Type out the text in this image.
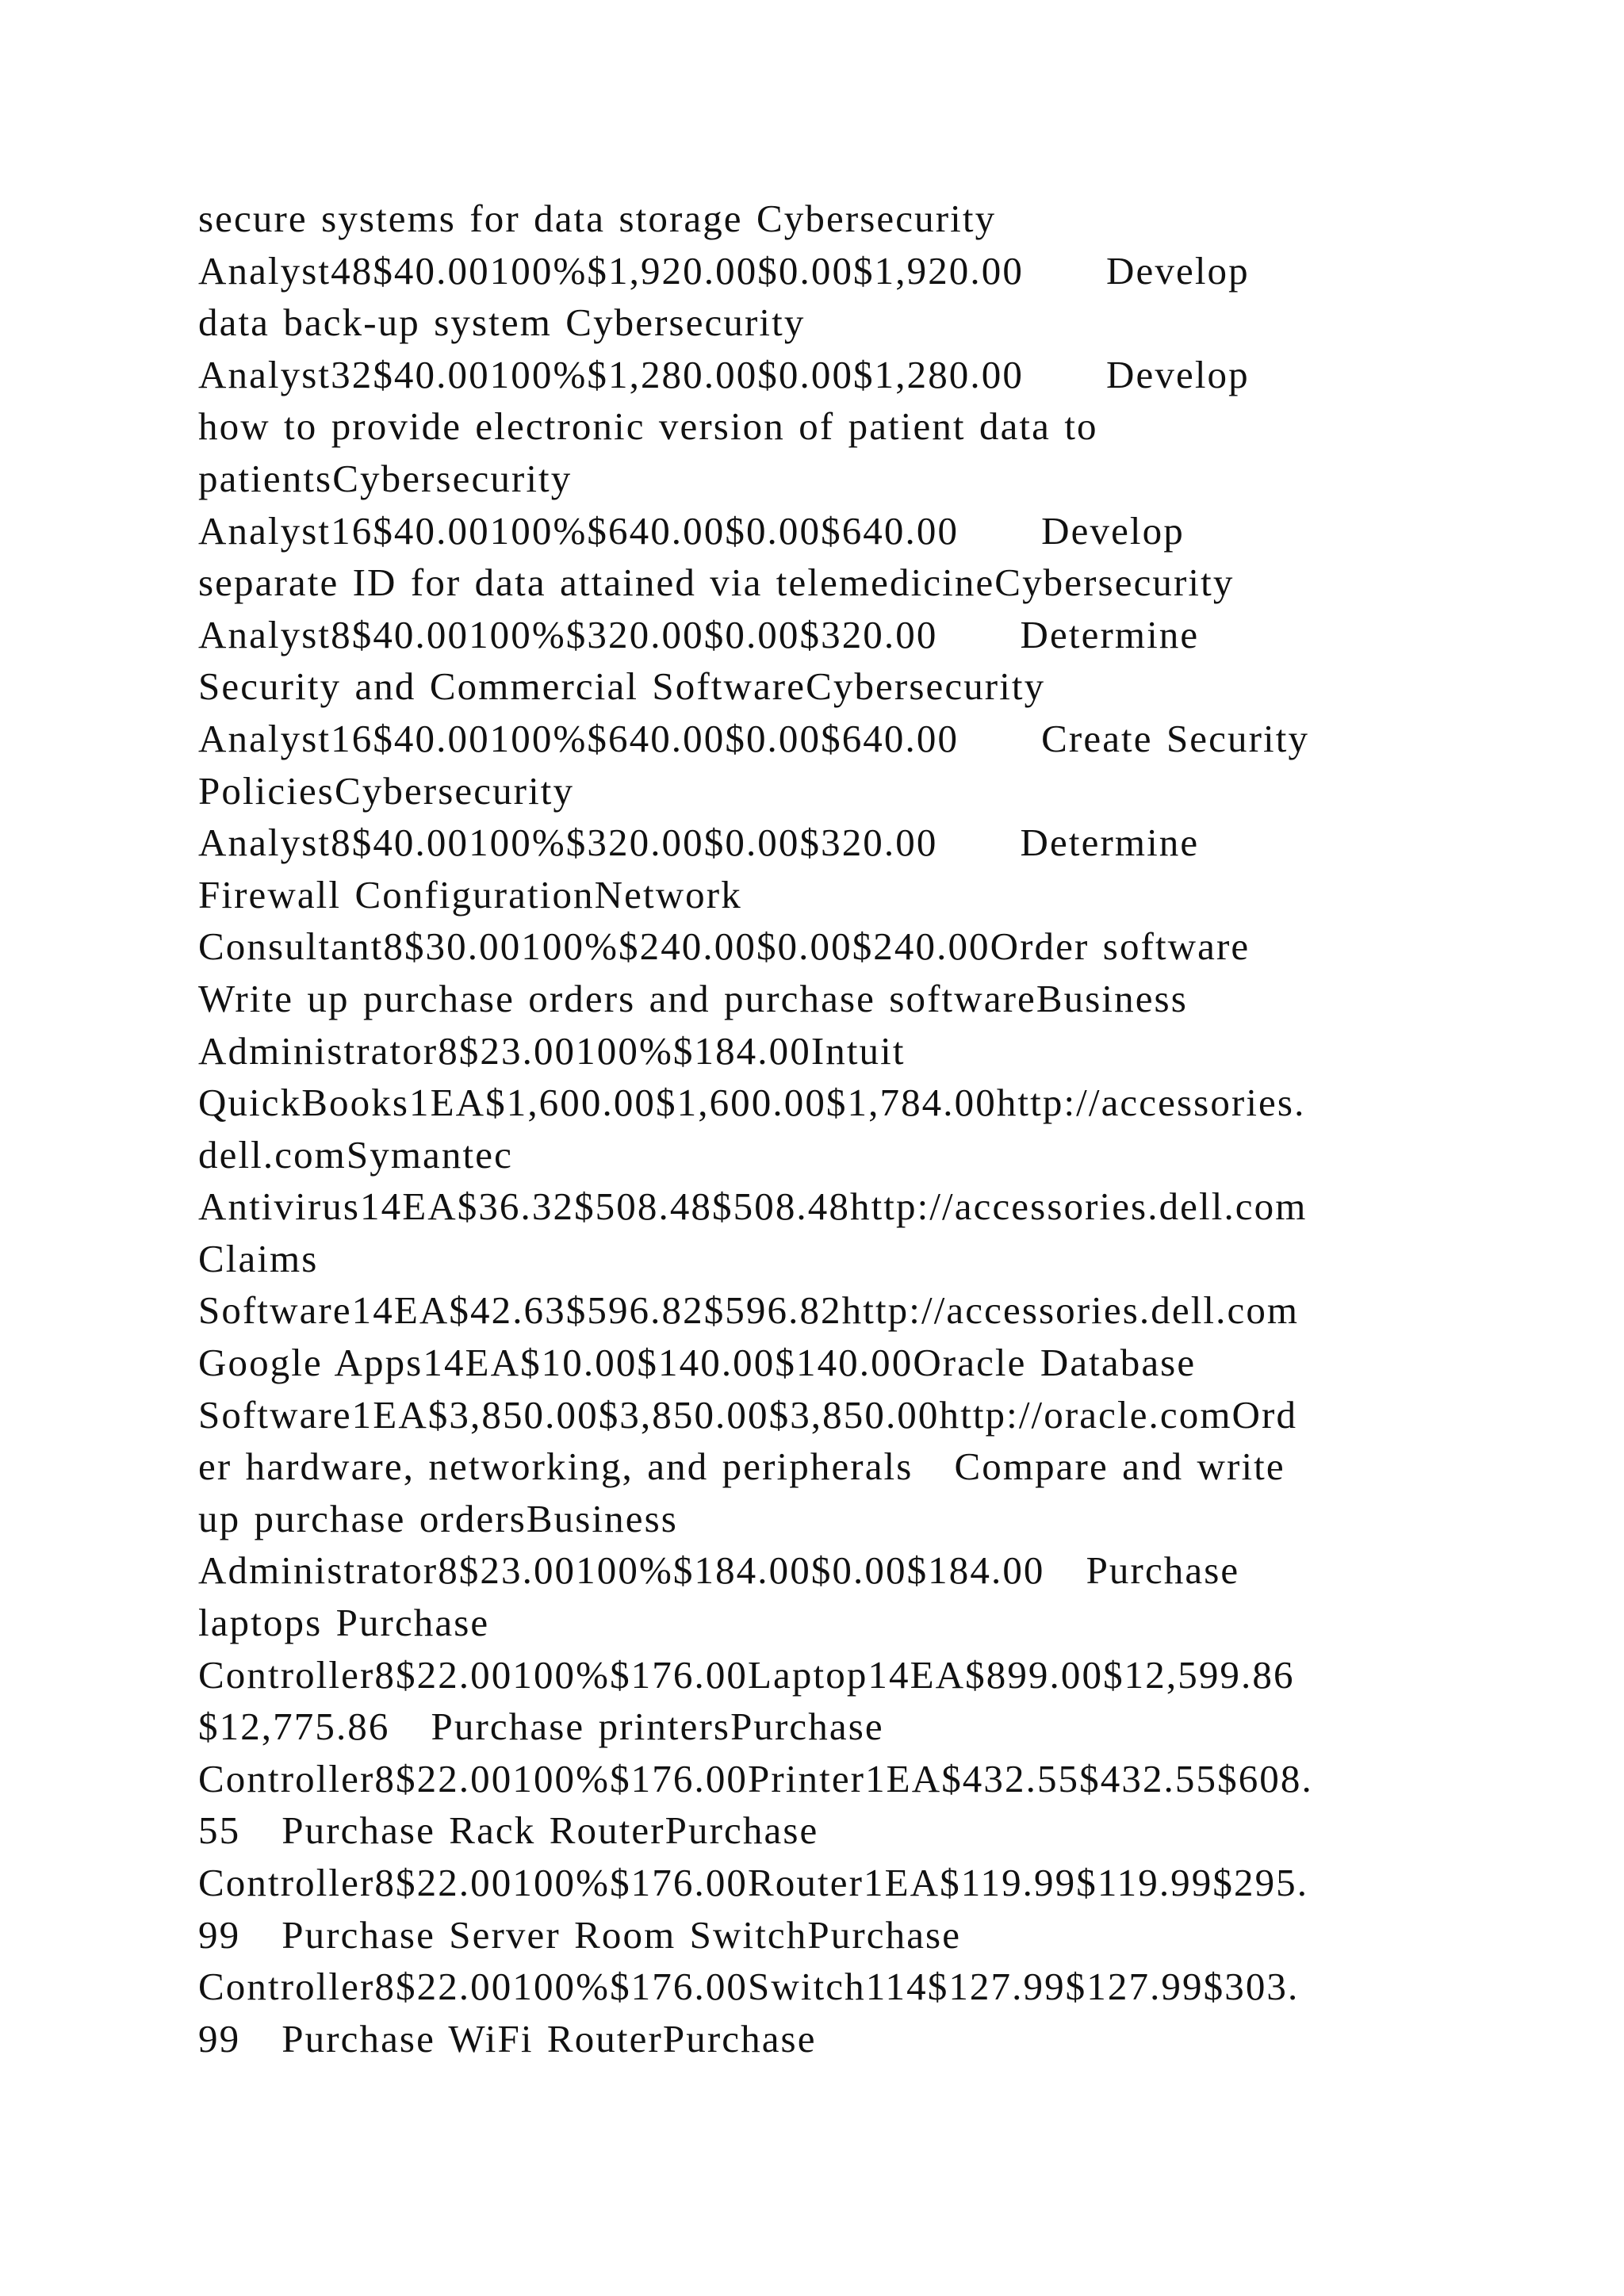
secure systems for data storage Cybersecurity
Analyst48$40.00100%$1,920.00$0.00$1,920.00      Develop
data back-up system Cybersecurity
Analyst32$40.00100%$1,280.00$0.00$1,280.00      Develop
how to provide electronic version of patient data to
patientsCybersecurity
Analyst16$40.00100%$640.00$0.00$640.00      Develop
separate ID for data attained via telemedicineCybersecurity
Analyst8$40.00100%$320.00$0.00$320.00      Determine
Security and Commercial SoftwareCybersecurity
Analyst16$40.00100%$640.00$0.00$640.00      Create Security
PoliciesCybersecurity
Analyst8$40.00100%$320.00$0.00$320.00      Determine
Firewall ConfigurationNetwork
Consultant8$30.00100%$240.00$0.00$240.00Order software
Write up purchase orders and purchase softwareBusiness
Administrator8$23.00100%$184.00Intuit
QuickBooks1EA$1,600.00$1,600.00$1,784.00http://accessories.
dell.comSymantec
Antivirus14EA$36.32$508.48$508.48http://accessories.dell.com
Claims
Software14EA$42.63$596.82$596.82http://accessories.dell.com
Google Apps14EA$10.00$140.00$140.00Oracle Database
Software1EA$3,850.00$3,850.00$3,850.00http://oracle.comOrd
er hardware, networking, and peripherals   Compare and write
up purchase ordersBusiness
Administrator8$23.00100%$184.00$0.00$184.00   Purchase
laptops Purchase
Controller8$22.00100%$176.00Laptop14EA$899.00$12,599.86
$12,775.86   Purchase printersPurchase
Controller8$22.00100%$176.00Printer1EA$432.55$432.55$608.
55   Purchase Rack RouterPurchase
Controller8$22.00100%$176.00Router1EA$119.99$119.99$295.
99   Purchase Server Room SwitchPurchase
Controller8$22.00100%$176.00Switch114$127.99$127.99$303.
99   Purchase WiFi RouterPurchase
